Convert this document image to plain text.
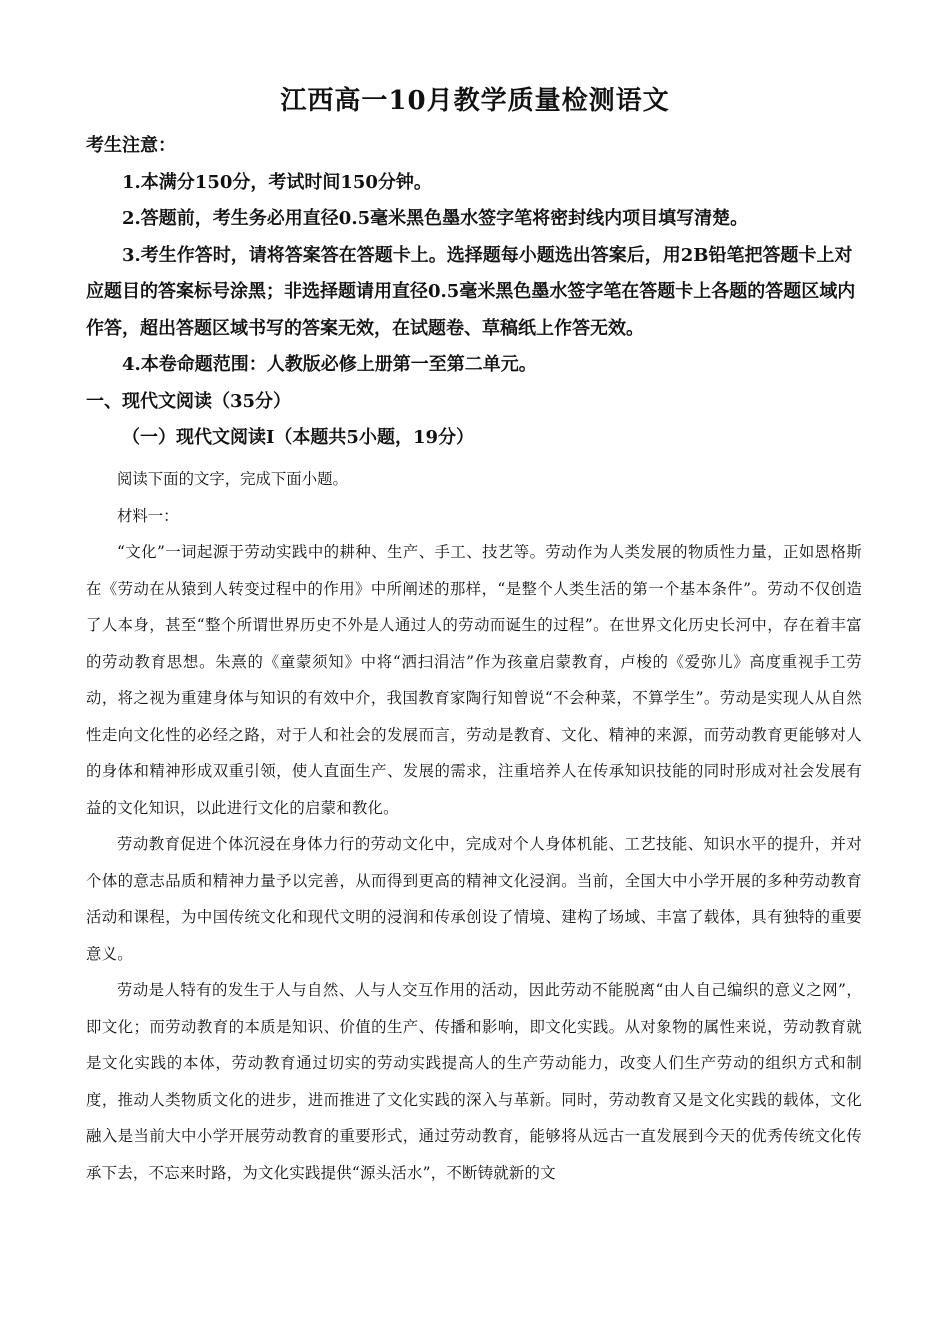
江西高一10月教学质量检测语文

考生注意：

1.本满分150分，考试时间150分钟。

2.答题前，考生务必用直径0.5毫米黑色墨水签字笔将密封线内项目填写清楚。

3.考生作答时，请将答案答在答题卡上。选择题每小题选出答案后，用2B铅笔把答题卡上对应题目的答案标号涂黑；非选择题请用直径0.5毫米黑色墨水签字笔在答题卡上各题的答题区域内作答，超出答题区域书写的答案无效，在试题卷、草稿纸上作答无效。

4.本卷命题范围：人教版必修上册第一至第二单元。

一、现代文阅读（35分）

（一）现代文阅读Ⅰ（本题共5小题，19分）

阅读下面的文字，完成下面小题。

材料一：

“文化”一词起源于劳动实践中的耕种、生产、手工、技艺等。劳动作为人类发展的物质性力量，正如恩格斯在《劳动在从猿到人转变过程中的作用》中所阐述的那样，“是整个人类生活的第一个基本条件”。劳动不仅创造了人本身，甚至“整个所谓世界历史不外是人通过人的劳动而诞生的过程”。在世界文化历史长河中，存在着丰富的劳动教育思想。朱熹的《童蒙须知》中将“洒扫涓洁”作为孩童启蒙教育，卢梭的《爱弥儿》高度重视手工劳动，将之视为重建身体与知识的有效中介，我国教育家陶行知曾说“不会种菜，不算学生”。劳动是实现人从自然性走向文化性的必经之路，对于人和社会的发展而言，劳动是教育、文化、精神的来源，而劳动教育更能够对人的身体和精神形成双重引领，使人直面生产、发展的需求，注重培养人在传承知识技能的同时形成对社会发展有益的文化知识，以此进行文化的启蒙和教化。

劳动教育促进个体沉浸在身体力行的劳动文化中，完成对个人身体机能、工艺技能、知识水平的提升，并对个体的意志品质和精神力量予以完善，从而得到更高的精神文化浸润。当前，全国大中小学开展的多种劳动教育活动和课程，为中国传统文化和现代文明的浸润和传承创设了情境、建构了场域、丰富了载体，具有独特的重要意义。

劳动是人特有的发生于人与自然、人与人交互作用的活动，因此劳动不能脱离“由人自己编织的意义之网”，即文化；而劳动教育的本质是知识、价值的生产、传播和影响，即文化实践。从对象物的属性来说，劳动教育就是文化实践的本体，劳动教育通过切实的劳动实践提高人的生产劳动能力，改变人们生产劳动的组织方式和制度，推动人类物质文化的进步，进而推进了文化实践的深入与革新。同时，劳动教育又是文化实践的载体，文化融入是当前大中小学开展劳动教育的重要形式，通过劳动教育，能够将从远古一直发展到今天的优秀传统文化传承下去，不忘来时路，为文化实践提供“源头活水”，不断铸就新的文
